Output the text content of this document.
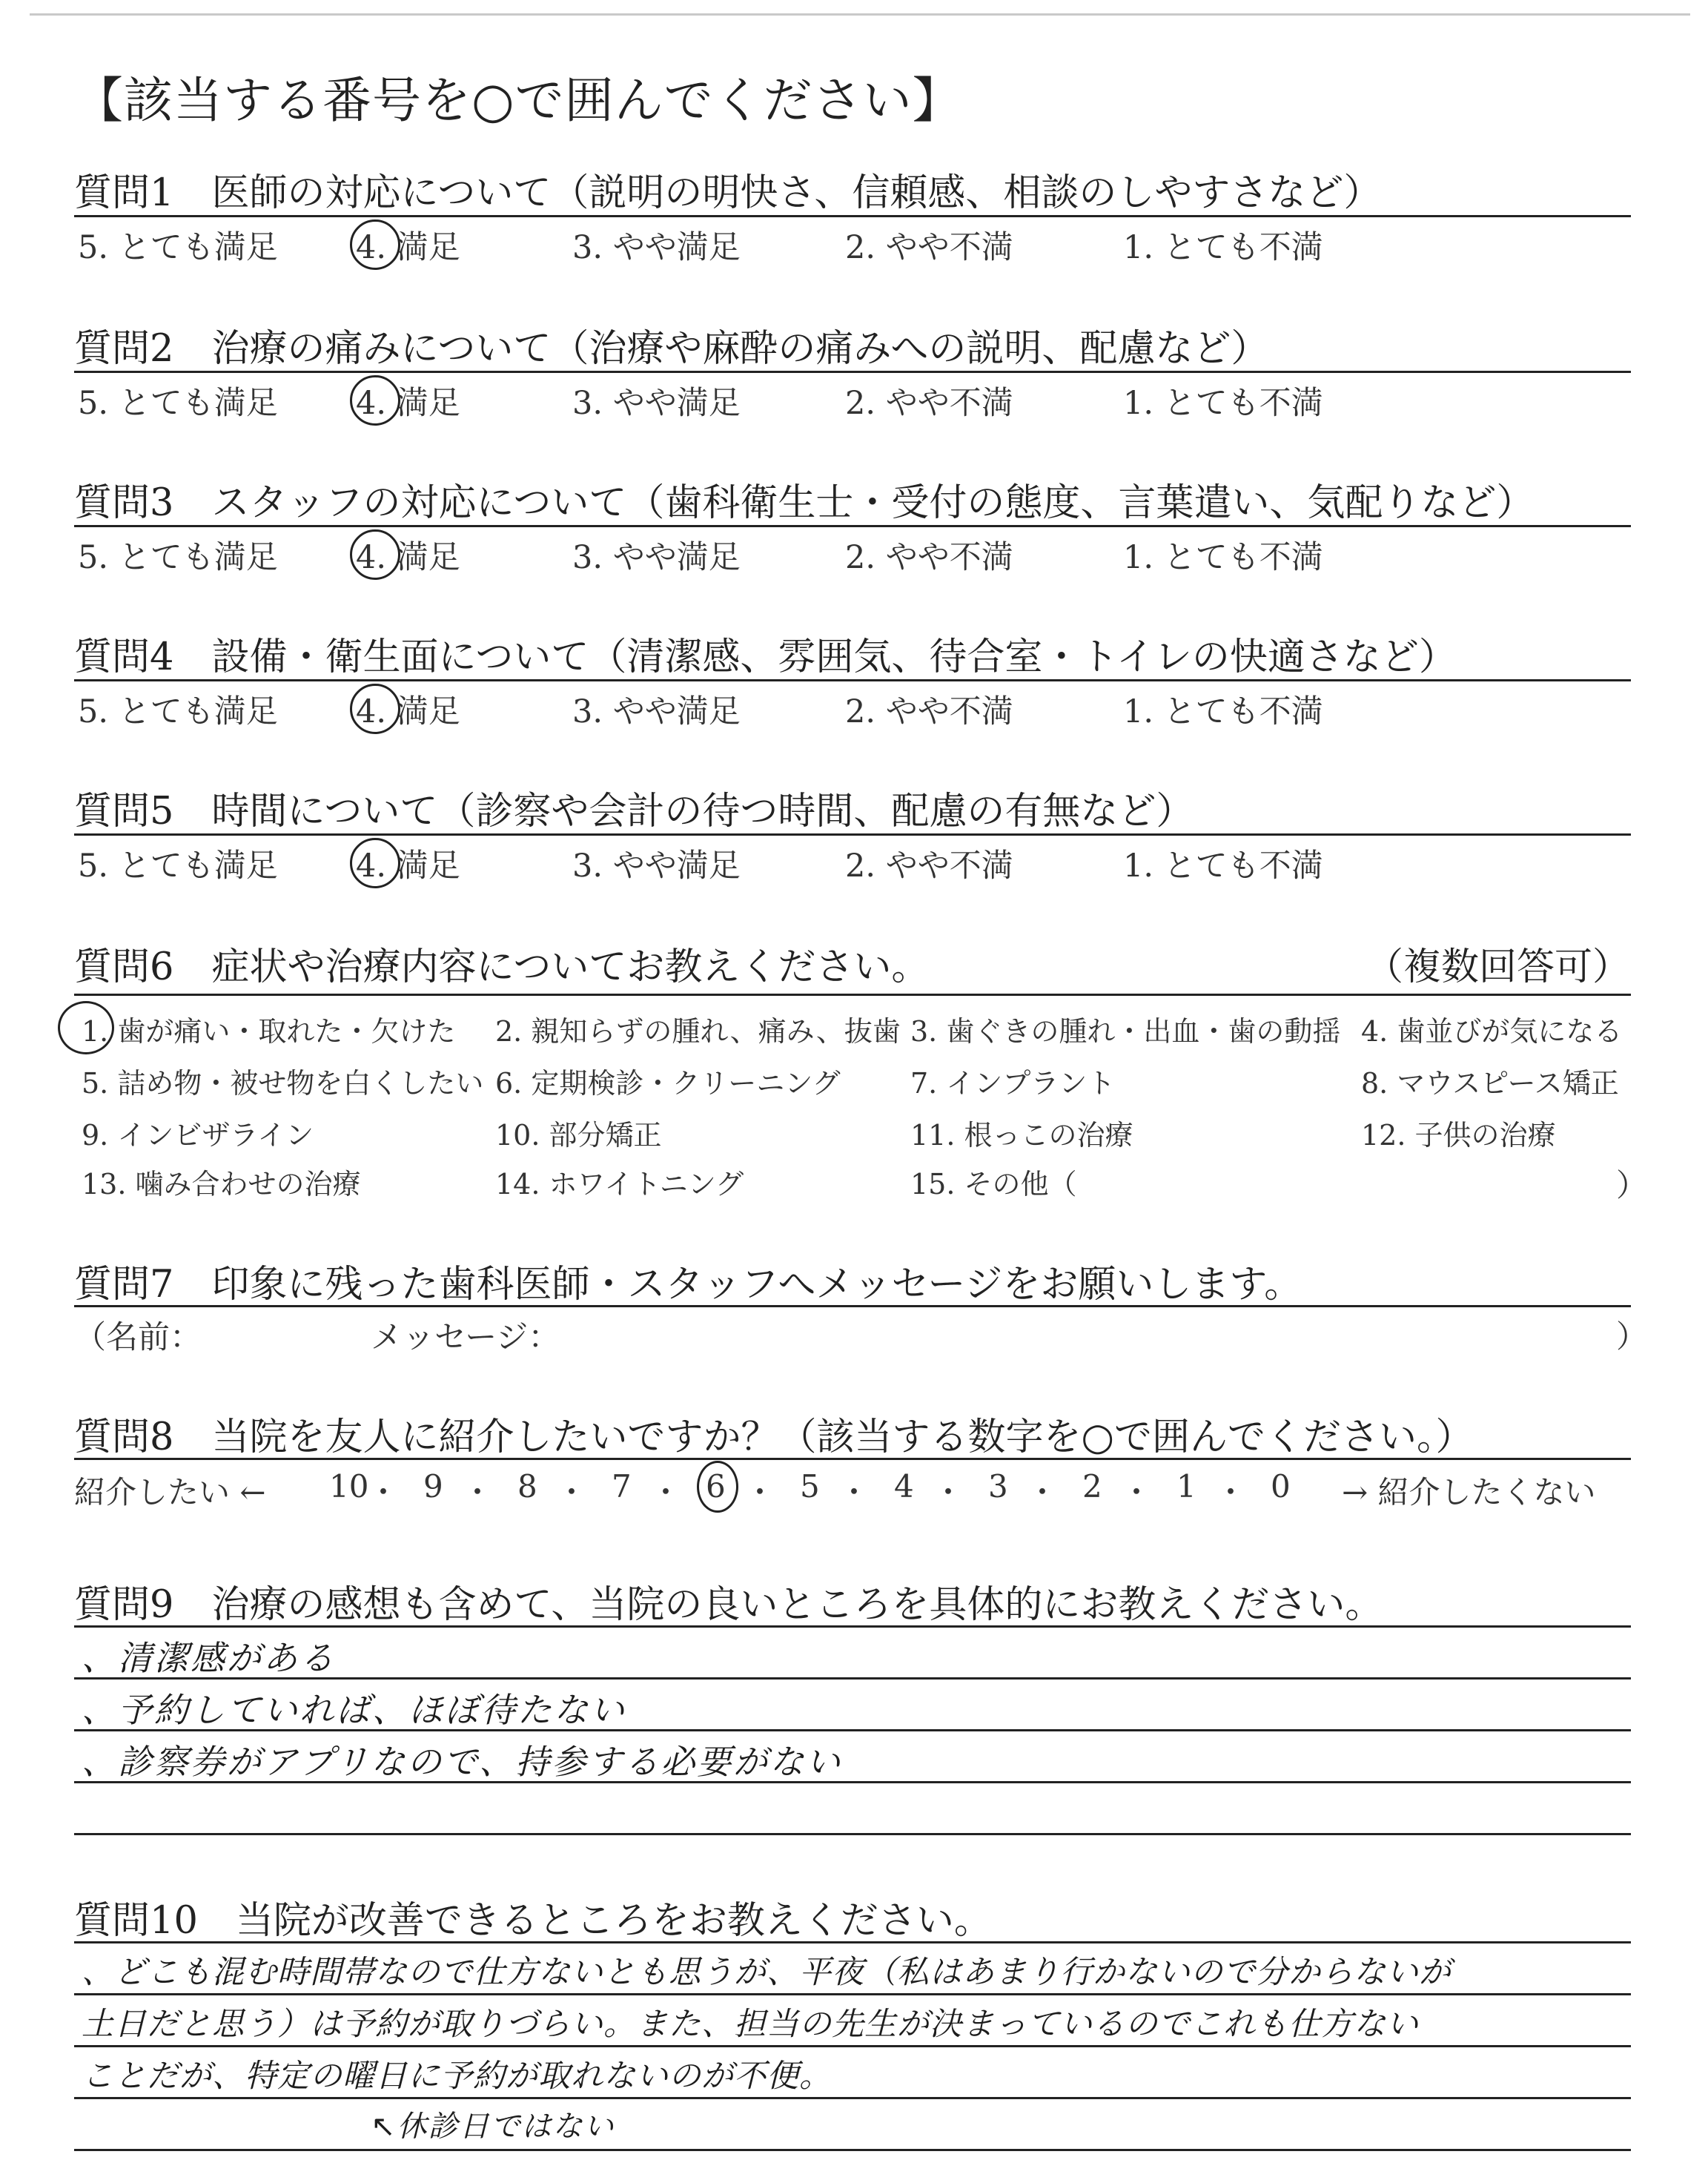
【該当する番号を○で囲んでください】
質問1　医師の対応について（説明の明快さ、信頼感、相談のしやすさなど）
5. とても満足 4. 満足	3. やや満足	2. やや不満	1. とても不満
質問2　治療の痛みについて（治療や麻酔の痛みへの説明、配慮など）
5. とても満足 4. 満足	3. やや満足	2. やや不満	1. とても不満
質問3　スタッフの対応について（歯科衛生士・受付の態度、言葉遣い、気配りなど）
5. とても満足 4. 満足	3. やや満足	2. やや不満	1. とても不満
質問4　設備・衛生面について（清潔感、雰囲気、待合室・トイレの快適さなど）
5. とても満足 4. 満足	3. やや満足	2. やや不満	1. とても不満
質問5　時間について（診察や会計の待つ時間、配慮の有無など）
5. とても満足 4. 満足	3. やや満足	2. やや不満	1. とても不満
質問6　症状や治療内容についてお教えください。	（複数回答可）
1. 歯が痛い・取れた・欠けた 2. 親知らずの腫れ、痛み、抜歯 3. 歯ぐきの腫れ・出血・歯の動揺 4. 歯並びが気になる
5. 詰め物・被せ物を白くしたい 6. 定期検診・クリーニング 7. インプラント	8. マウスピース矯正
9. インビザライン	10. 部分矯正	11. 根っこの治療	12. 子供の治療
13. 噛み合わせの治療	14. ホワイトニング	15. その他（	）
質問7　印象に残った歯科医師・スタッフへメッセージをお願いします。
（名前：	メッセージ：	）
質問8　当院を友人に紹介したいですか？（該当する数字を○で囲んでください。）
紹介したい ← 10
・ 9 ・ 8 ・ 7 ・ 6 ・ 5 ・ 4 ・ 3 ・ 2 ・ 1 ・ 0 → 紹介したくない
質問9　治療の感想も含めて、当院の良いところを具体的にお教えください。
、清潔感がある
、予約していれば、ほぼ待たない
、診察券がアプリなので、持参する必要がない
質問10　当院が改善できるところをお教えください。
、どこも混む時間帯なので仕方ないとも思うが、平夜（私はあまり行かないので分からないが
土日だと思う）は予約が取りづらい。また、担当の先生が決まっているのでこれも仕方ない
ことだが、特定の曜日に予約が取れないのが不便。
↖休診日ではない
